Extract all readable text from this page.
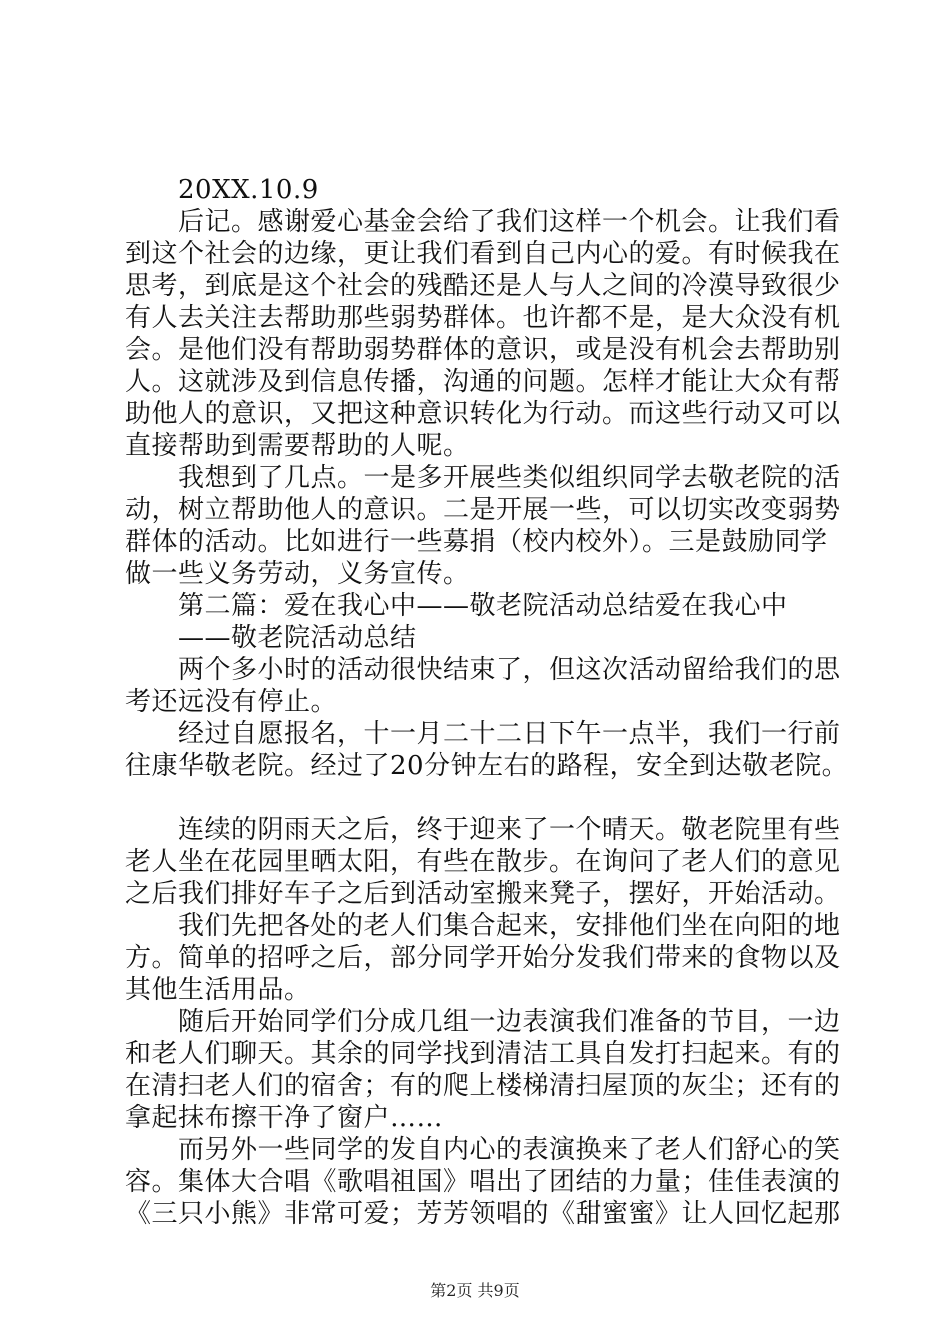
20XX.10.9
后记。感谢爱心基金会给了我们这样一个机会。让我们看
到这个社会的边缘，更让我们看到自己内心的爱。有时候我在
思考，到底是这个社会的残酷还是人与人之间的冷漠导致很少
有人去关注去帮助那些弱势群体。也许都不是，是大众没有机
会。是他们没有帮助弱势群体的意识，或是没有机会去帮助别
人。这就涉及到信息传播，沟通的问题。怎样才能让大众有帮
助他人的意识，又把这种意识转化为行动。而这些行动又可以
直接帮助到需要帮助的人呢。
我想到了几点。一是多开展些类似组织同学去敬老院的活
动，树立帮助他人的意识。二是开展一些，可以切实改变弱势
群体的活动。比如进行一些募捐（校内校外）。三是鼓励同学
做一些义务劳动，义务宣传。
第二篇：爱在我心中——敬老院活动总结爱在我心中
——敬老院活动总结
两个多小时的活动很快结束了，但这次活动留给我们的思
考还远没有停止。
经过自愿报名，十一月二十二日下午一点半，我们一行前
往康华敬老院。经过了20分钟左右的路程，安全到达敬老院。
连续的阴雨天之后，终于迎来了一个晴天。敬老院里有些
老人坐在花园里晒太阳，有些在散步。在询问了老人们的意见
之后我们排好车子之后到活动室搬来凳子，摆好，开始活动。
我们先把各处的老人们集合起来，安排他们坐在向阳的地
方。简单的招呼之后，部分同学开始分发我们带来的食物以及
其他生活用品。
随后开始同学们分成几组一边表演我们准备的节目，一边
和老人们聊天。其余的同学找到清洁工具自发打扫起来。有的
在清扫老人们的宿舍；有的爬上楼梯清扫屋顶的灰尘；还有的
拿起抹布擦干净了窗户……
而另外一些同学的发自内心的表演换来了老人们舒心的笑
容。集体大合唱《歌唱祖国》唱出了团结的力量；佳佳表演的
《三只小熊》非常可爱；芳芳领唱的《甜蜜蜜》让人回忆起那
第2页 共9页
